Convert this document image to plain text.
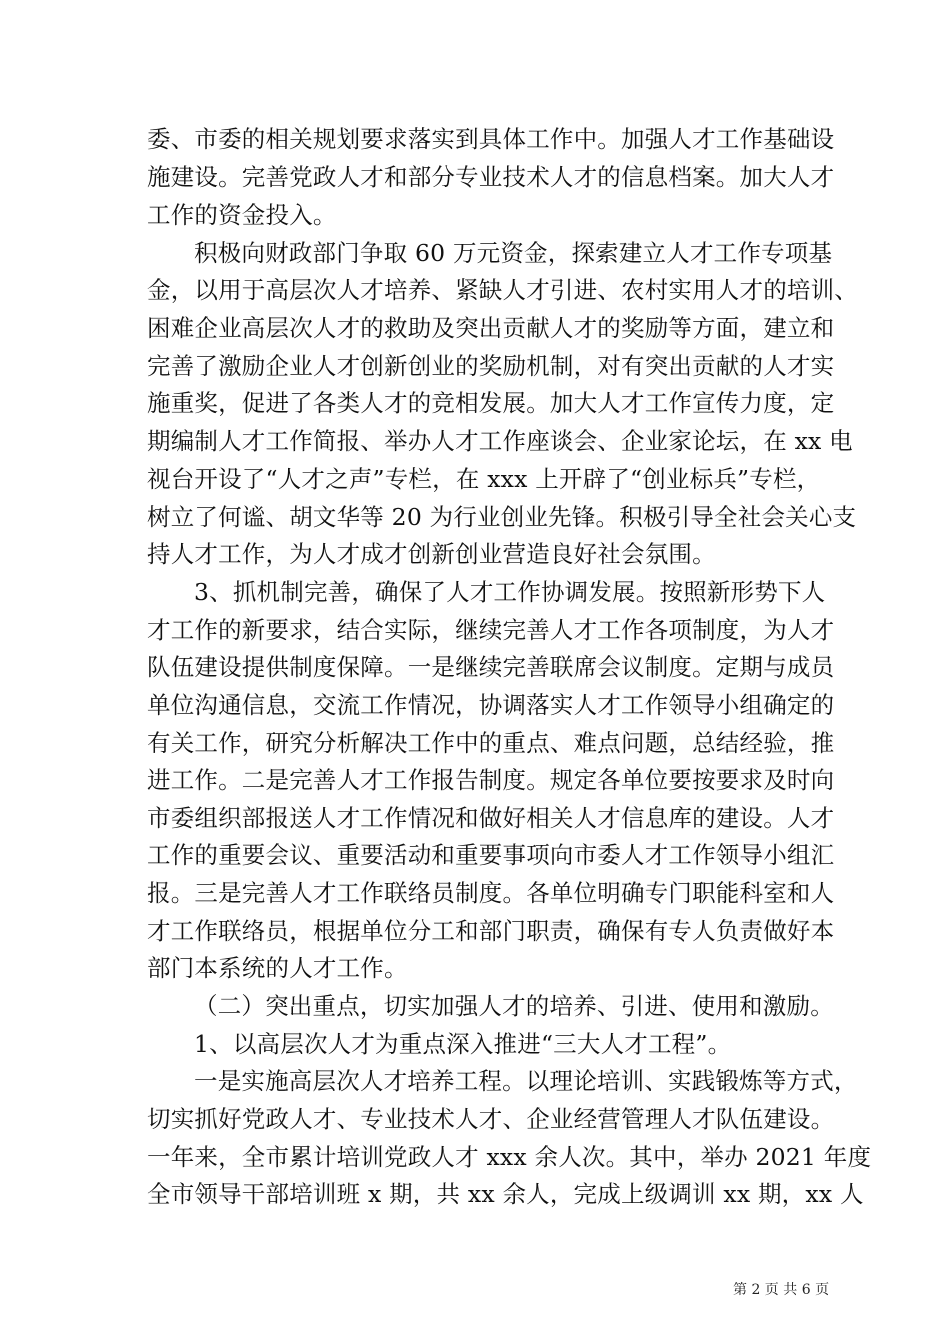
委、市委的相关规划要求落实到具体工作中。加强人才工作基础设
施建设。完善党政人才和部分专业技术人才的信息档案。加大人才
工作的资金投入。
积极向财政部门争取 60 万元资金，探索建立人才工作专项基
金，以用于高层次人才培养、紧缺人才引进、农村实用人才的培训、
困难企业高层次人才的救助及突出贡献人才的奖励等方面，建立和
完善了激励企业人才创新创业的奖励机制，对有突出贡献的人才实
施重奖，促进了各类人才的竞相发展。加大人才工作宣传力度，定
期编制人才工作简报、举办人才工作座谈会、企业家论坛，在 xx 电
视台开设了“人才之声”专栏，在 xxx 上开辟了“创业标兵”专栏，
树立了何谧、胡文华等 20 为行业创业先锋。积极引导全社会关心支
持人才工作，为人才成才创新创业营造良好社会氛围。
3、抓机制完善，确保了人才工作协调发展。按照新形势下人
才工作的新要求，结合实际，继续完善人才工作各项制度，为人才
队伍建设提供制度保障。一是继续完善联席会议制度。定期与成员
单位沟通信息，交流工作情况，协调落实人才工作领导小组确定的
有关工作，研究分析解决工作中的重点、难点问题，总结经验，推
进工作。二是完善人才工作报告制度。规定各单位要按要求及时向
市委组织部报送人才工作情况和做好相关人才信息库的建设。人才
工作的重要会议、重要活动和重要事项向市委人才工作领导小组汇
报。三是完善人才工作联络员制度。各单位明确专门职能科室和人
才工作联络员，根据单位分工和部门职责，确保有专人负责做好本
部门本系统的人才工作。
（二）突出重点，切实加强人才的培养、引进、使用和激励。
1、以高层次人才为重点深入推进“三大人才工程”。
一是实施高层次人才培养工程。以理论培训、实践锻炼等方式，
切实抓好党政人才、专业技术人才、企业经营管理人才队伍建设。
一年来，全市累计培训党政人才 xxx 余人次。其中，举办 2021 年度
全市领导干部培训班 x 期，共 xx 余人，完成上级调训 xx 期，xx 人
第 2 页 共 6 页
